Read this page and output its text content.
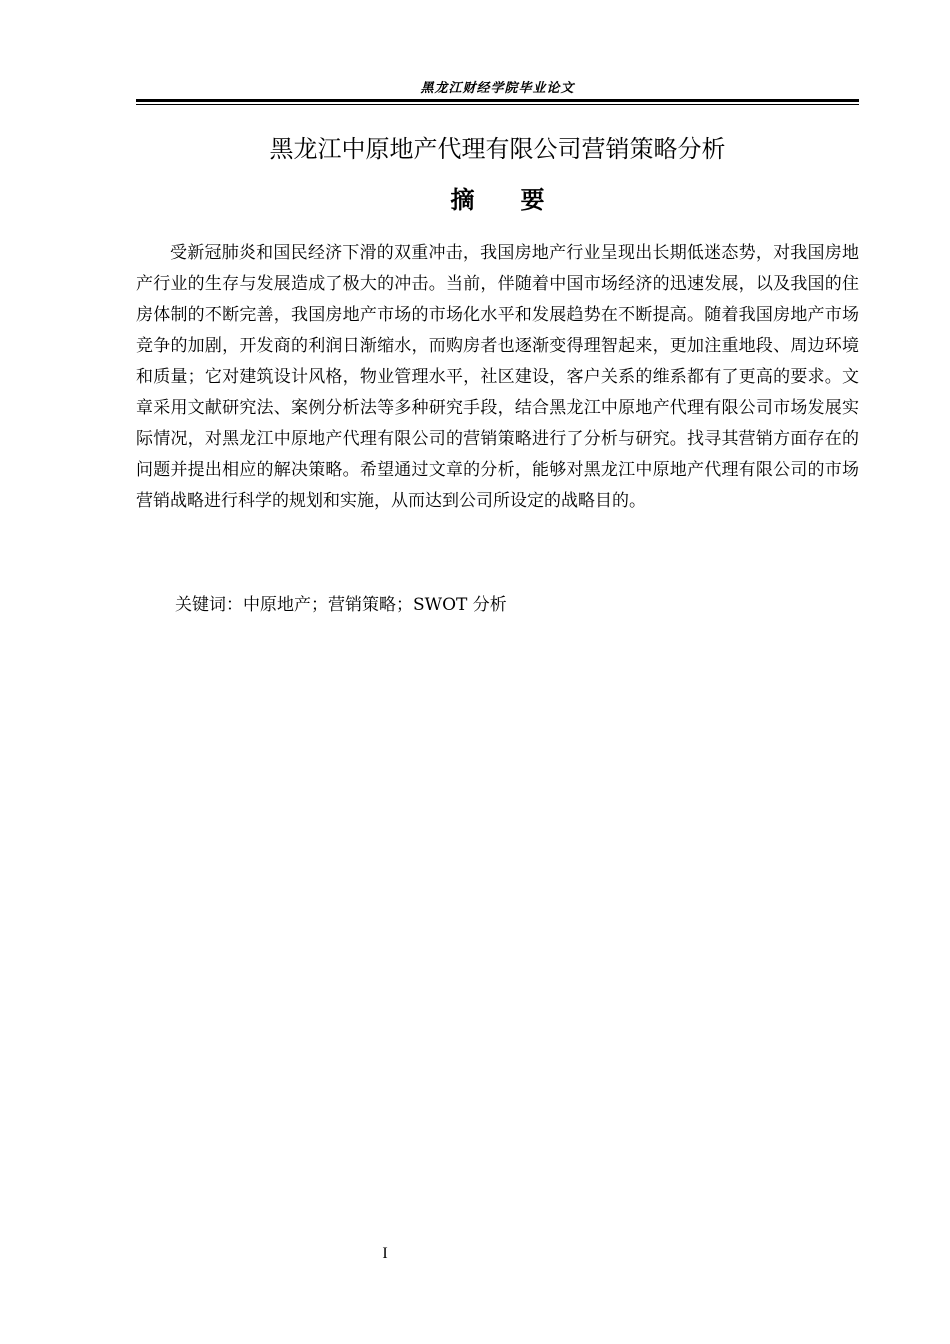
黑龙江财经学院毕业论文
黑龙江中原地产代理有限公司营销策略分析
摘 要

受新冠肺炎和国民经济下滑的双重冲击，我国房地产行业呈现出长期低迷态势，对我国房地产行业的生存与发展造成了极大的冲击。当前，伴随着中国市场经济的迅速发展，以及我国的住房体制的不断完善，我国房地产市场的市场化水平和发展趋势在不断提高。随着我国房地产市场竞争的加剧，开发商的利润日渐缩水，而购房者也逐渐变得理智起来，更加注重地段、周边环境和质量；它对建筑设计风格，物业管理水平，社区建设，客户关系的维系都有了更高的要求。文章采用文献研究法、案例分析法等多种研究手段，结合黑龙江中原地产代理有限公司市场发展实际情况，对黑龙江中原地产代理有限公司的营销策略进行了分析与研究。找寻其营销方面存在的问题并提出相应的解决策略。希望通过文章的分析，能够对黑龙江中原地产代理有限公司的市场营销战略进行科学的规划和实施，从而达到公司所设定的战略目的。

关键词：中原地产；营销策略；SWOT 分析

I
